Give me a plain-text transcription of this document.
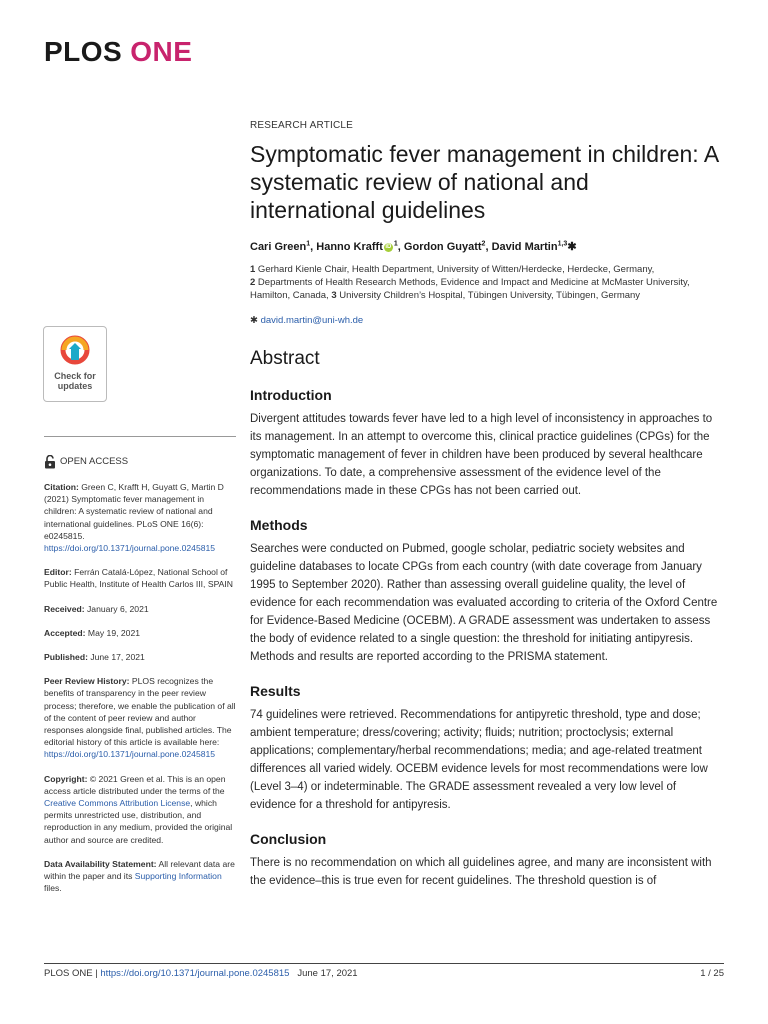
PLOS ONE
RESEARCH ARTICLE
Symptomatic fever management in children: A systematic review of national and international guidelines
Cari Green$^1$, Hanno Krafft iD $^1$, Gordon Guyatt$^2$, David Martin$^{1,3}$✱
1 Gerhard Kienle Chair, Health Department, University of Witten/Herdecke, Herdecke, Germany,
2 Departments of Health Research Methods, Evidence and Impact and Medicine at McMaster University, Hamilton, Canada, 3 University Children’s Hospital, Tübingen University, Tübingen, Germany
✱ david.martin@uni-wh.de
Abstract
Introduction
Divergent attitudes towards fever have led to a high level of inconsistency in approaches to its management. In an attempt to overcome this, clinical practice guidelines (CPGs) for the symptomatic management of fever in children have been produced by several healthcare organizations. To date, a comprehensive assessment of the evidence level of the recommendations made in these CPGs has not been carried out.
Methods
Searches were conducted on Pubmed, google scholar, pediatric society websites and guideline databases to locate CPGs from each country (with date coverage from January 1995 to September 2020). Rather than assessing overall guideline quality, the level of evidence for each recommendation was evaluated according to criteria of the Oxford Centre for Evidence-Based Medicine (OCEBM). A GRADE assessment was undertaken to assess the body of evidence related to a single question: the threshold for initiating antipyresis. Methods and results are reported according to the PRISMA statement.
Results
74 guidelines were retrieved. Recommendations for antipyretic threshold, type and dose; ambient temperature; dress/covering; activity; fluids; nutrition; proctoclysis; external applications; complementary/herbal recommendations; media; and age-related treatment differences all varied widely. OCEBM evidence levels for most recommendations were low (Level 3–4) or indeterminable. The GRADE assessment revealed a very low level of evidence for a threshold for antipyresis.
Conclusion
There is no recommendation on which all guidelines agree, and many are inconsistent with the evidence–this is true even for recent guidelines. The threshold question is of
Check for
updates
OPEN ACCESS

Citation: Green C, Krafft H, Guyatt G, Martin D (2021) Symptomatic fever management in children: A systematic review of national and international guidelines. PLoS ONE 16(6): e0245815. https://doi.org/10.1371/journal.pone.0245815

Editor: Ferrán Catalá-López, National School of Public Health, Institute of Health Carlos III, SPAIN

Received: January 6, 2021

Accepted: May 19, 2021

Published: June 17, 2021

Peer Review History: PLOS recognizes the benefits of transparency in the peer review process; therefore, we enable the publication of all of the content of peer review and author responses alongside final, published articles. The editorial history of this article is available here: https://doi.org/10.1371/journal.pone.0245815

Copyright: © 2021 Green et al. This is an open access article distributed under the terms of the Creative Commons Attribution License, which permits unrestricted use, distribution, and reproduction in any medium, provided the original author and source are credited.

Data Availability Statement: All relevant data are within the paper and its Supporting Information files.

PLOS ONE | https://doi.org/10.1371/journal.pone.0245815   June 17, 2021	1 / 25
